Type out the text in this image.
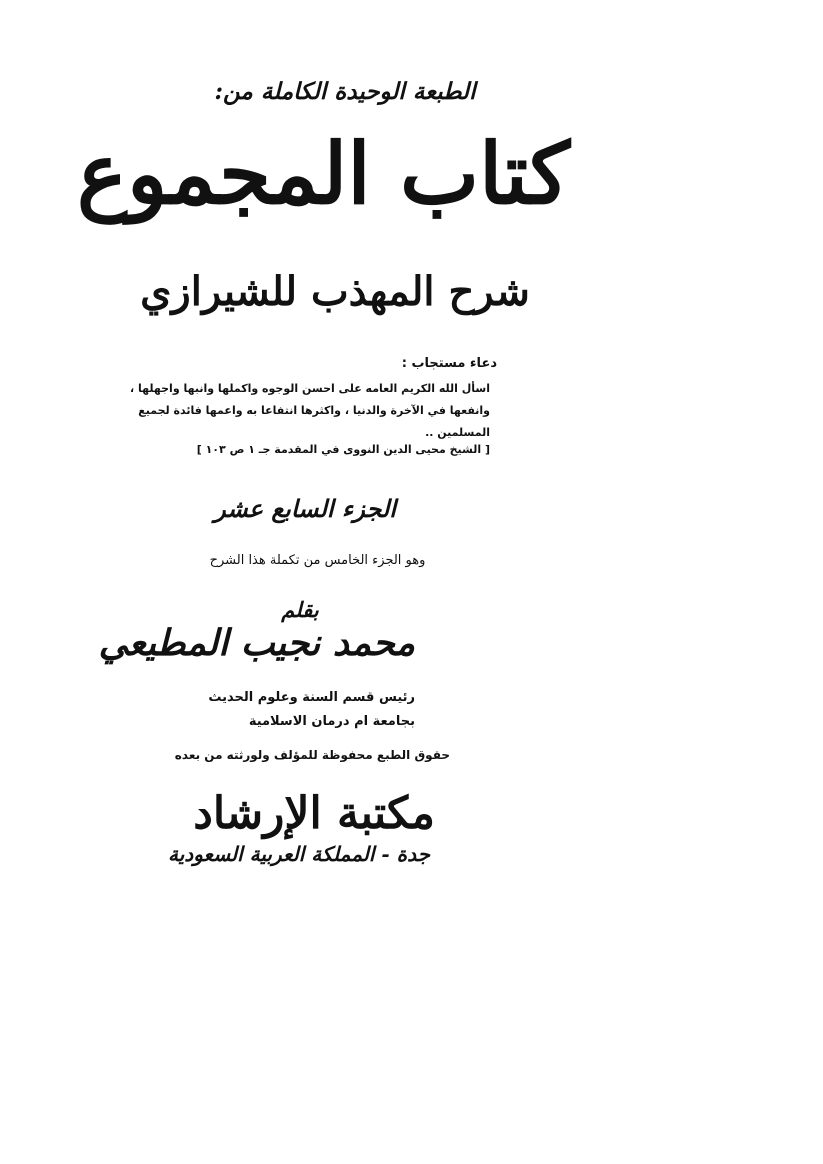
الطبعة الوحيدة الكاملة من:
كتاب المجموع
شرح المهذب للشيرازي
دعاء مستجاب :
اسأل الله الكريم العامه على احسن الوجوه واكملها وانبها واجهلها ،
وانفعها في الآخرة والدنيا ، واكثرها انتفاعا به واعمها فائدة لجميع
المسلمين ..
[ الشيخ محيى الدين النووى في المقدمة جـ ١ ص ١٠٣ ]
الجزء السابع عشر
وهو الجزء الخامس من تكملة هذا الشرح
بقلم
محمد نجيب المطيعي
رئيس قسم السنة وعلوم الحديث
بجامعة ام درمان الاسلامية
حقوق الطبع محفوظة للمؤلف ولورثته من بعده
مكتبة الإرشاد
جدة - المملكة العربية السعودية
